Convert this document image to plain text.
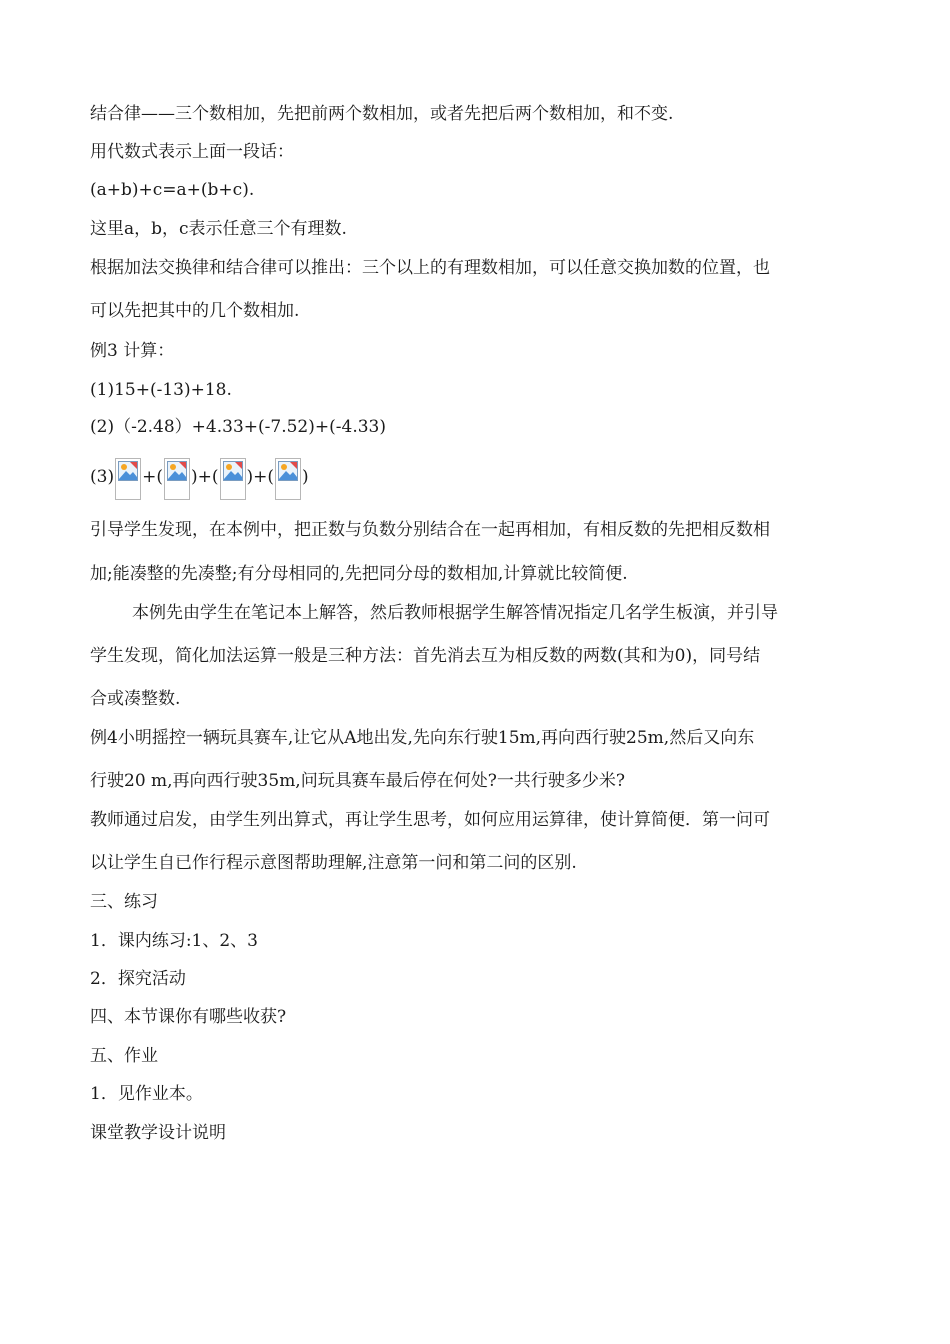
结合律——三个数相加，先把前两个数相加，或者先把后两个数相加，和不变.
用代数式表示上面一段话：
(a+b)+c=a+(b+c).
这里a，b，c表示任意三个有理数.
根据加法交换律和结合律可以推出：三个以上的有理数相加，可以任意交换加数的位置，也
可以先把其中的几个数相加.
例3 计算：
(1)15+(-13)+18.
(2)（-2.48）+4.33+(-7.52)+(-4.33)
(3) +( )+( )+( )
引导学生发现，在本例中，把正数与负数分别结合在一起再相加，有相反数的先把相反数相
加;能凑整的先凑整;有分母相同的,先把同分母的数相加,计算就比较简便.
本例先由学生在笔记本上解答，然后教师根据学生解答情况指定几名学生板演，并引导
学生发现，简化加法运算一般是三种方法：首先消去互为相反数的两数(其和为0)，同号结
合或凑整数.
例4小明摇控一辆玩具赛车,让它从A地出发,先向东行驶15m,再向西行驶25m,然后又向东
行驶20 m,再向西行驶35m,问玩具赛车最后停在何处?一共行驶多少米?
教师通过启发，由学生列出算式，再让学生思考，如何应用运算律，使计算简便．第一问可
以让学生自已作行程示意图帮助理解,注意第一问和第二问的区别.
三、练习
1．课内练习:1、2、3
2．探究活动
四、本节课你有哪些收获?
五、作业
1．见作业本。
课堂教学设计说明
